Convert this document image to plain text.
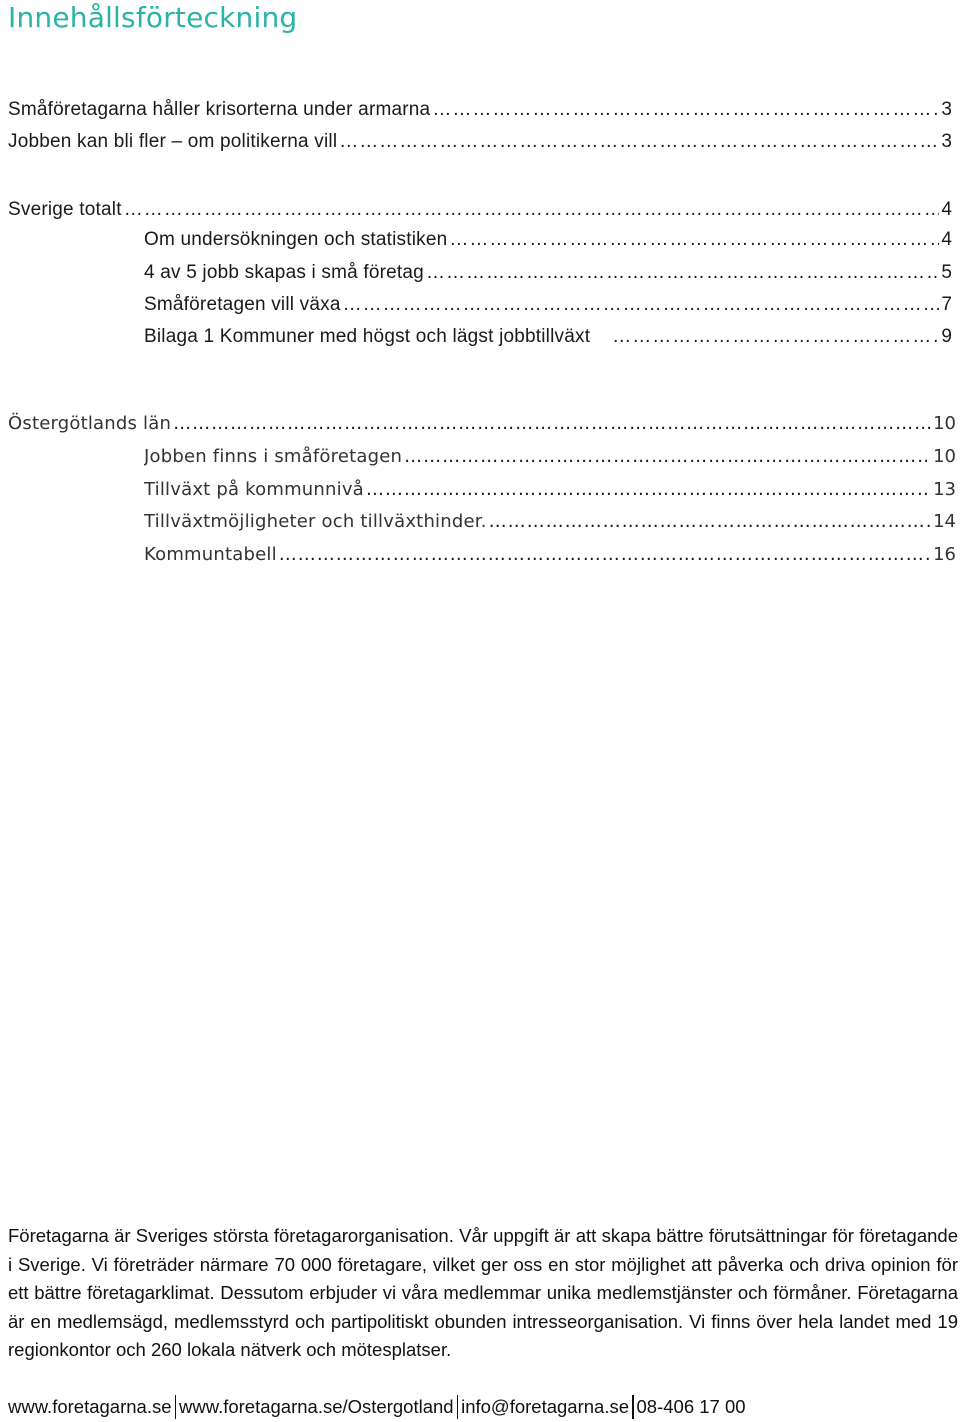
Innehållsförteckning
Småföretagarna håller krisorterna under armarna ……………………………………………………………………………………………………………………………………………………………………………………………………………………	3
Jobben kan bli fler – om politikerna vill ……………………………………………………………………………………………………………………………………………………………………………………………………………………	3
Sverige totalt ……………………………………………………………………………………………………………………………………………………………………………………………………………………	4
Om undersökningen och statistiken ……………………………………………………………………………………………………………………………………………………………………………………………………………………	4
4 av 5 jobb skapas i små företag ……………………………………………………………………………………………………………………………………………………………………………………………………………………	5
Småföretagen vill växa ……………………………………………………………………………………………………………………………………………………………………………………………………………………	7
Bilaga 1 Kommuner med högst och lägst jobbtillväxt ……………………………………………………………………………………………………………………………………………………………………………………………………………………	9
Östergötlands län ……………………………………………………………………………………………………………………………………………………………………………………………………………………	10
Jobben finns i småföretagen ……………………………………………………………………………………………………………………………………………………………………………………………………………………	10
Tillväxt på kommunnivå ……………………………………………………………………………………………………………………………………………………………………………………………………………………	13
Tillväxtmöjligheter och tillväxthinder. ……………………………………………………………………………………………………………………………………………………………………………………………………………………	14
Kommuntabell ……………………………………………………………………………………………………………………………………………………………………………………………………………………	16
Företagarna är Sveriges största företagarorganisation. Vår uppgift är att skapa bättre förutsättningar för företagande i Sverige. Vi företräder närmare 70 000 företagare, vilket ger oss en stor möjlighet att påverka och driva opinion för ett bättre företagarklimat. Dessutom erbjuder vi våra medlemmar unika medlemstjänster och förmåner. Företagarna är en medlemsägd, medlemsstyrd och partipolitiskt obunden intresseorganisation. Vi finns över hela landet med 19 regionkontor och 260 lokala nätverk och mötesplatser.
www.foretagarna.se www.foretagarna.se/Ostergotland info@foretagarna.se 08-406 17 00
